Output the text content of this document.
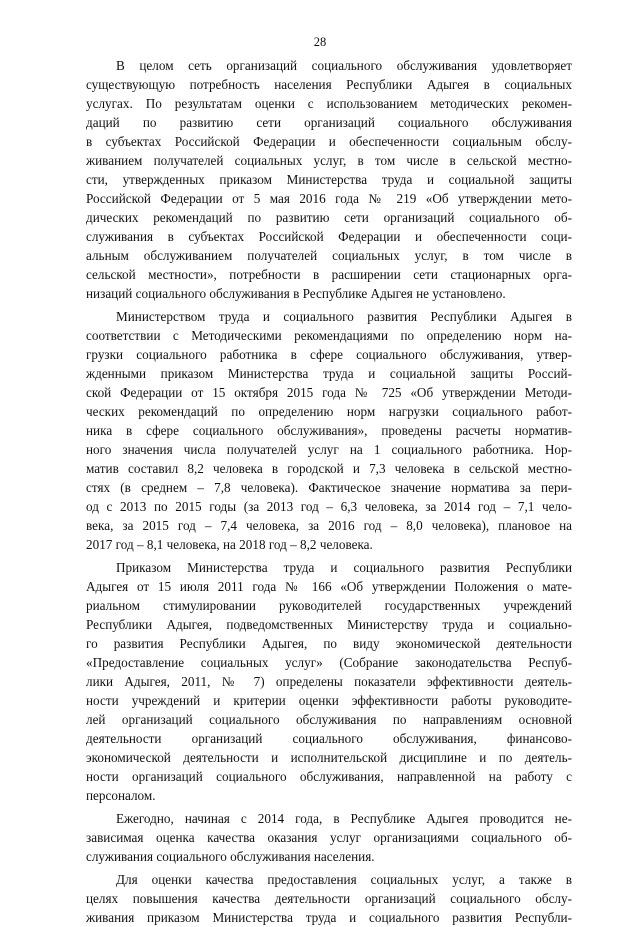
28
В целом сеть организаций социального обслуживания удовлетворяет
существующую потребность населения Республики Адыгея в социальных
услугах. По результатам оценки с использованием методических рекомен-
даций по развитию сети организаций социального обслуживания
в субъектах Российской Федерации и обеспеченности социальным обслу-
живанием получателей социальных услуг, в том числе в сельской местно-
сти, утвержденных приказом Министерства труда и социальной защиты
Российской Федерации от 5 мая 2016 года № 219 «Об утверждении мето-
дических рекомендаций по развитию сети организаций социального об-
служивания в субъектах Российской Федерации и обеспеченности соци-
альным обслуживанием получателей социальных услуг, в том числе в
сельской местности», потребности в расширении сети стационарных орга-
низаций социального обслуживания в Республике Адыгея не установлено.
Министерством труда и социального развития Республики Адыгея в
соответствии с Методическими рекомендациями по определению норм на-
грузки социального работника в сфере социального обслуживания, утвер-
жденными приказом Министерства труда и социальной защиты Россий-
ской Федерации от 15 октября 2015 года № 725 «Об утверждении Методи-
ческих рекомендаций по определению норм нагрузки социального работ-
ника в сфере социального обслуживания», проведены расчеты норматив-
ного значения числа получателей услуг на 1 социального работника. Нор-
матив составил 8,2 человека в городской и 7,3 человека в сельской местно-
стях (в среднем – 7,8 человека). Фактическое значение норматива за пери-
од с 2013 по 2015 годы (за 2013 год – 6,3 человека, за 2014 год – 7,1 чело-
века, за 2015 год – 7,4 человека, за 2016 год – 8,0 человека), плановое на
2017 год – 8,1 человека, на 2018 год – 8,2 человека.
Приказом Министерства труда и социального развития Республики
Адыгея от 15 июля 2011 года № 166 «Об утверждении Положения о мате-
риальном стимулировании руководителей государственных учреждений
Республики Адыгея, подведомственных Министерству труда и социально-
го развития Республики Адыгея, по виду экономической деятельности
«Предоставление социальных услуг» (Собрание законодательства Респуб-
лики Адыгея, 2011, № 7) определены показатели эффективности деятель-
ности учреждений и критерии оценки эффективности работы руководите-
лей организаций социального обслуживания по направлениям основной
деятельности организаций социального обслуживания, финансово-
экономической деятельности и исполнительской дисциплине и по деятель-
ности организаций социального обслуживания, направленной на работу с
персоналом.
Ежегодно, начиная с 2014 года, в Республике Адыгея проводится не-
зависимая оценка качества оказания услуг организациями социального об-
служивания социального обслуживания населения.
Для оценки качества предоставления социальных услуг, а также в
целях повышения качества деятельности организаций социального обслу-
живания приказом Министерства труда и социального развития Республи-
